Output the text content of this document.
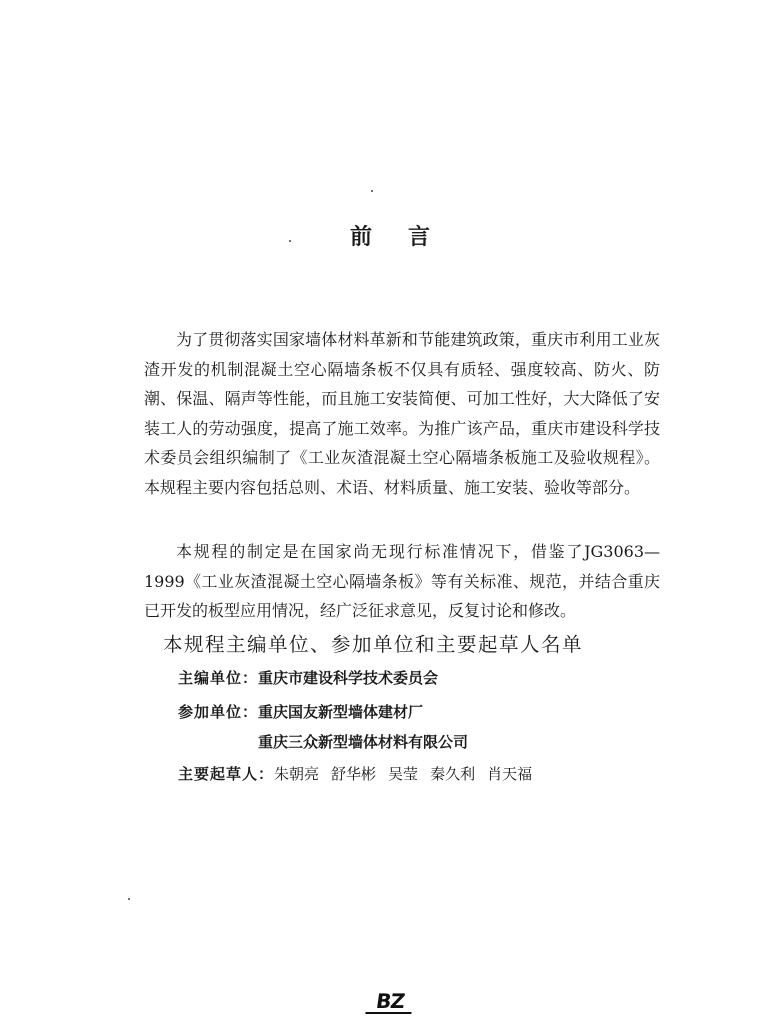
前言

为了贯彻落实国家墙体材料革新和节能建筑政策，重庆市利用工业灰渣开发的机制混凝土空心隔墙条板不仅具有质轻、强度较高、防火、防潮、保温、隔声等性能，而且施工安装简便、可加工性好，大大降低了安装工人的劳动强度，提高了施工效率。为推广该产品，重庆市建设科学技术委员会组织编制了《工业灰渣混凝土空心隔墙条板施工及验收规程》。本规程主要内容包括总则、术语、材料质量、施工安装、验收等部分。

本规程的制定是在国家尚无现行标准情况下，借鉴了JG3063—1999《工业灰渣混凝土空心隔墙条板》等有关标准、规范，并结合重庆已开发的板型应用情况，经广泛征求意见，反复讨论和修改。

本规程主编单位、参加单位和主要起草人名单
主编单位：重庆市建设科学技术委员会
参加单位：重庆国友新型墙体建材厂
重庆三众新型墙体材料有限公司
主要起草人：朱朝亮 舒华彬 吴莹 秦久利 肖天福
BZ
